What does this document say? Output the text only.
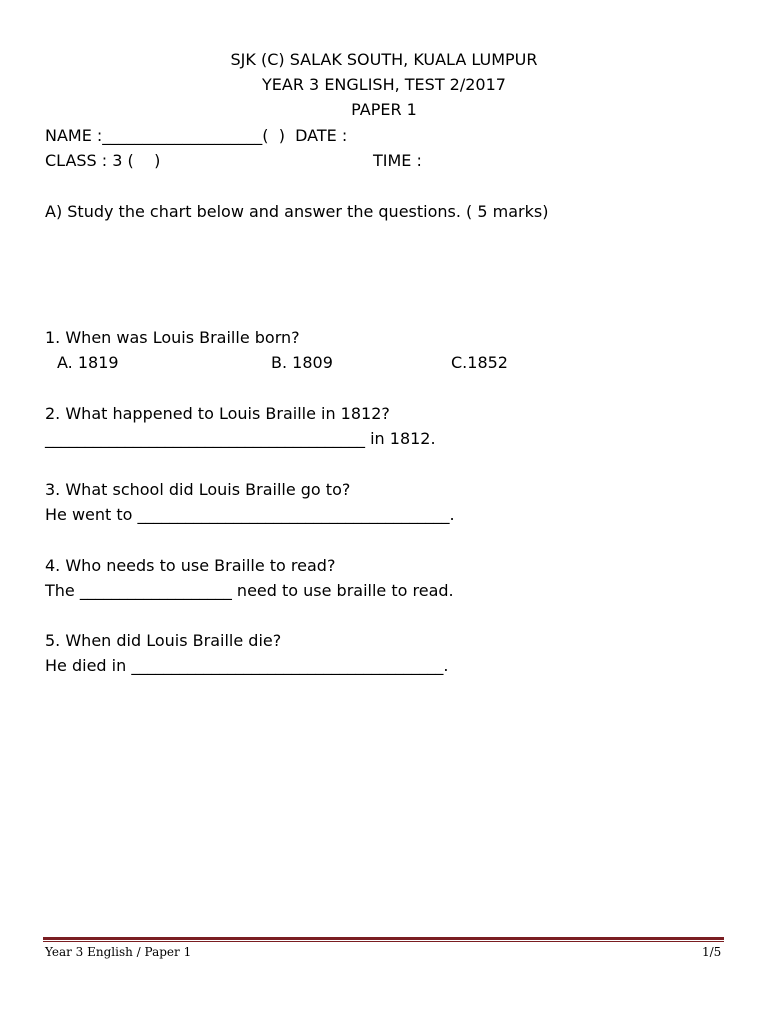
SJK (C) SALAK SOUTH, KUALA LUMPUR
YEAR 3 ENGLISH, TEST 2/2017
PAPER 1
NAME :____________________(  )  DATE :
CLASS : 3 (    )	TIME :
A) Study the chart below and answer the questions. ( 5 marks)
1. When was Louis Braille born?
A. 1819	B. 1809	C.1852
2. What happened to Louis Braille in 1812?
________________________________________ in 1812.
3. What school did Louis Braille go to?
He went to _______________________________________.
4. Who needs to use Braille to read?
The ___________________ need to use braille to read.
5. When did Louis Braille die?
He died in _______________________________________.
Year 3 English / Paper 1	1/5
